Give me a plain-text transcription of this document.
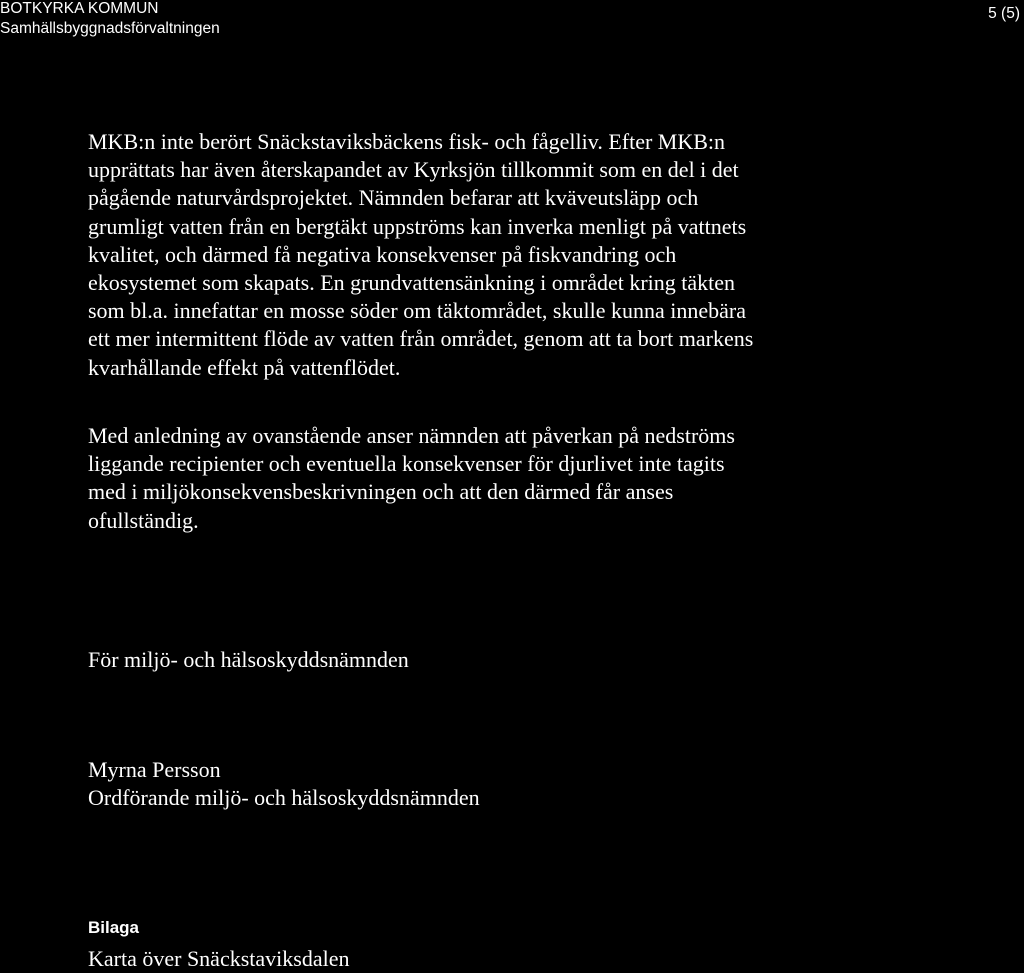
BOTKYRKA KOMMUN
Samhällsbyggnadsförvaltningen
5 (5)
MKB:n inte berört Snäckstaviksbäckens fisk- och fågelliv. Efter MKB:n
upprättats har även återskapandet av Kyrksjön tillkommit som en del i det
pågående naturvårdsprojektet. Nämnden befarar att kväveutsläpp och
grumligt vatten från en bergtäkt uppströms kan inverka menligt på vattnets
kvalitet, och därmed få negativa konsekvenser på fiskvandring och
ekosystemet som skapats. En grundvattensänkning i området kring täkten
som bl.a. innefattar en mosse söder om täktområdet, skulle kunna innebära
ett mer intermittent flöde av vatten från området, genom att ta bort markens
kvarhållande effekt på vattenflödet.
Med anledning av ovanstående anser nämnden att påverkan på nedströms
liggande recipienter och eventuella konsekvenser för djurlivet inte tagits
med i miljökonsekvensbeskrivningen och att den därmed får anses
ofullständig.
För miljö- och hälsoskyddsnämnden
Myrna Persson
Ordförande miljö- och hälsoskyddsnämnden
Bilaga
Karta över Snäckstaviksdalen
